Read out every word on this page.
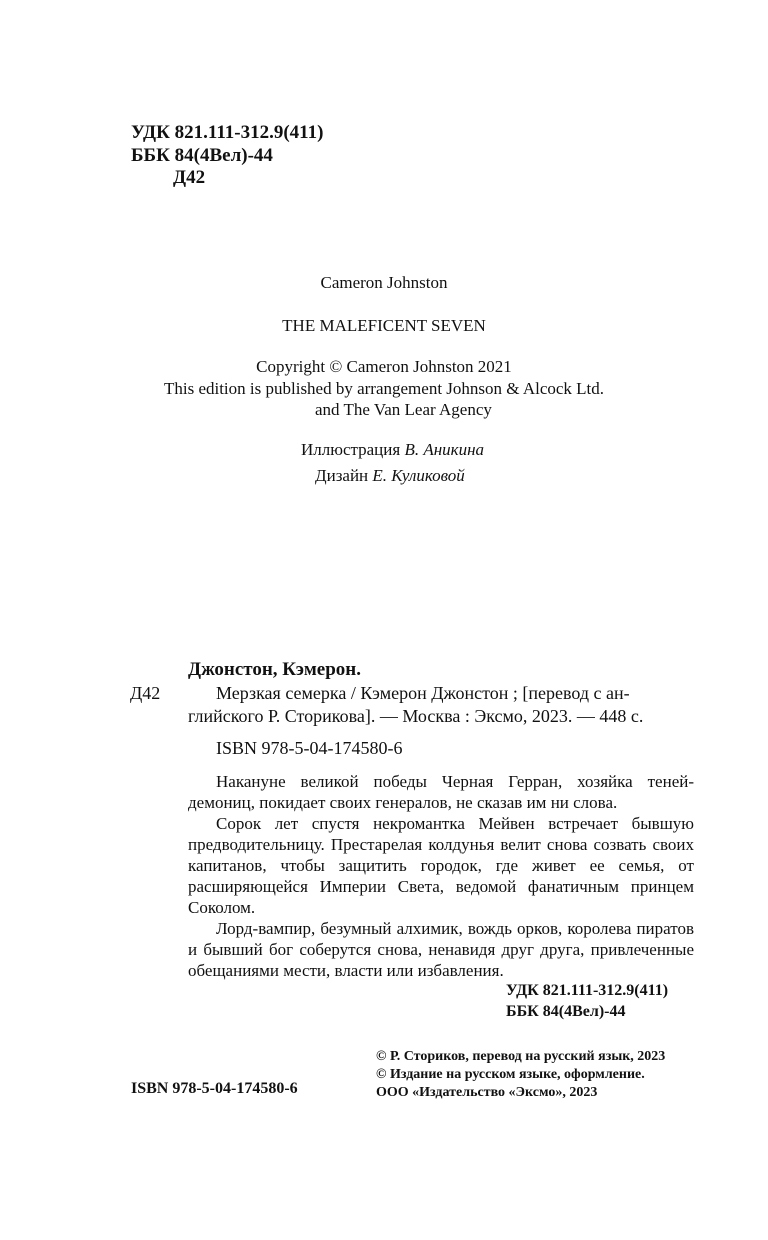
УДК 821.111-312.9(411)
ББК 84(4Вел)-44
Д42
Cameron Johnston
THE MALEFICENT SEVEN
Copyright © Cameron Johnston 2021
This edition is published by arrangement Johnson & Alcock Ltd.
and The Van Lear Agency
Иллюстрация В. Аникина
Дизайн Е. Куликовой
Джонстон, Кэмерон.
Д42	Мерзкая семерка / Кэмерон Джонстон ; [перевод с ан-
глийского Р. Сторикова]. — Москва : Эксмо, 2023. — 448 с.
ISBN 978-5-04-174580-6

Накануне великой победы Черная Герран, хозяйка теней-демониц, покидает своих генералов, не сказав им ни слова.

Сорок лет спустя некромантка Мейвен встречает бывшую предводительницу. Престарелая колдунья велит снова созвать своих капитанов, чтобы защитить городок, где живет ее семья, от расширяющейся Империи Света, ведомой фанатичным принцем Соколом.

Лорд-вампир, безумный алхимик, вождь орков, королева пиратов и бывший бог соберутся снова, ненавидя друг друга, привлеченные обещаниями мести, власти или избавления.

УДК 821.111-312.9(411)
ББК 84(4Вел)-44
ISBN 978-5-04-174580-6
© Р. Сториков, перевод на русский язык, 2023
© Издание на русском языке, оформление.
ООО «Издательство «Эксмо», 2023
